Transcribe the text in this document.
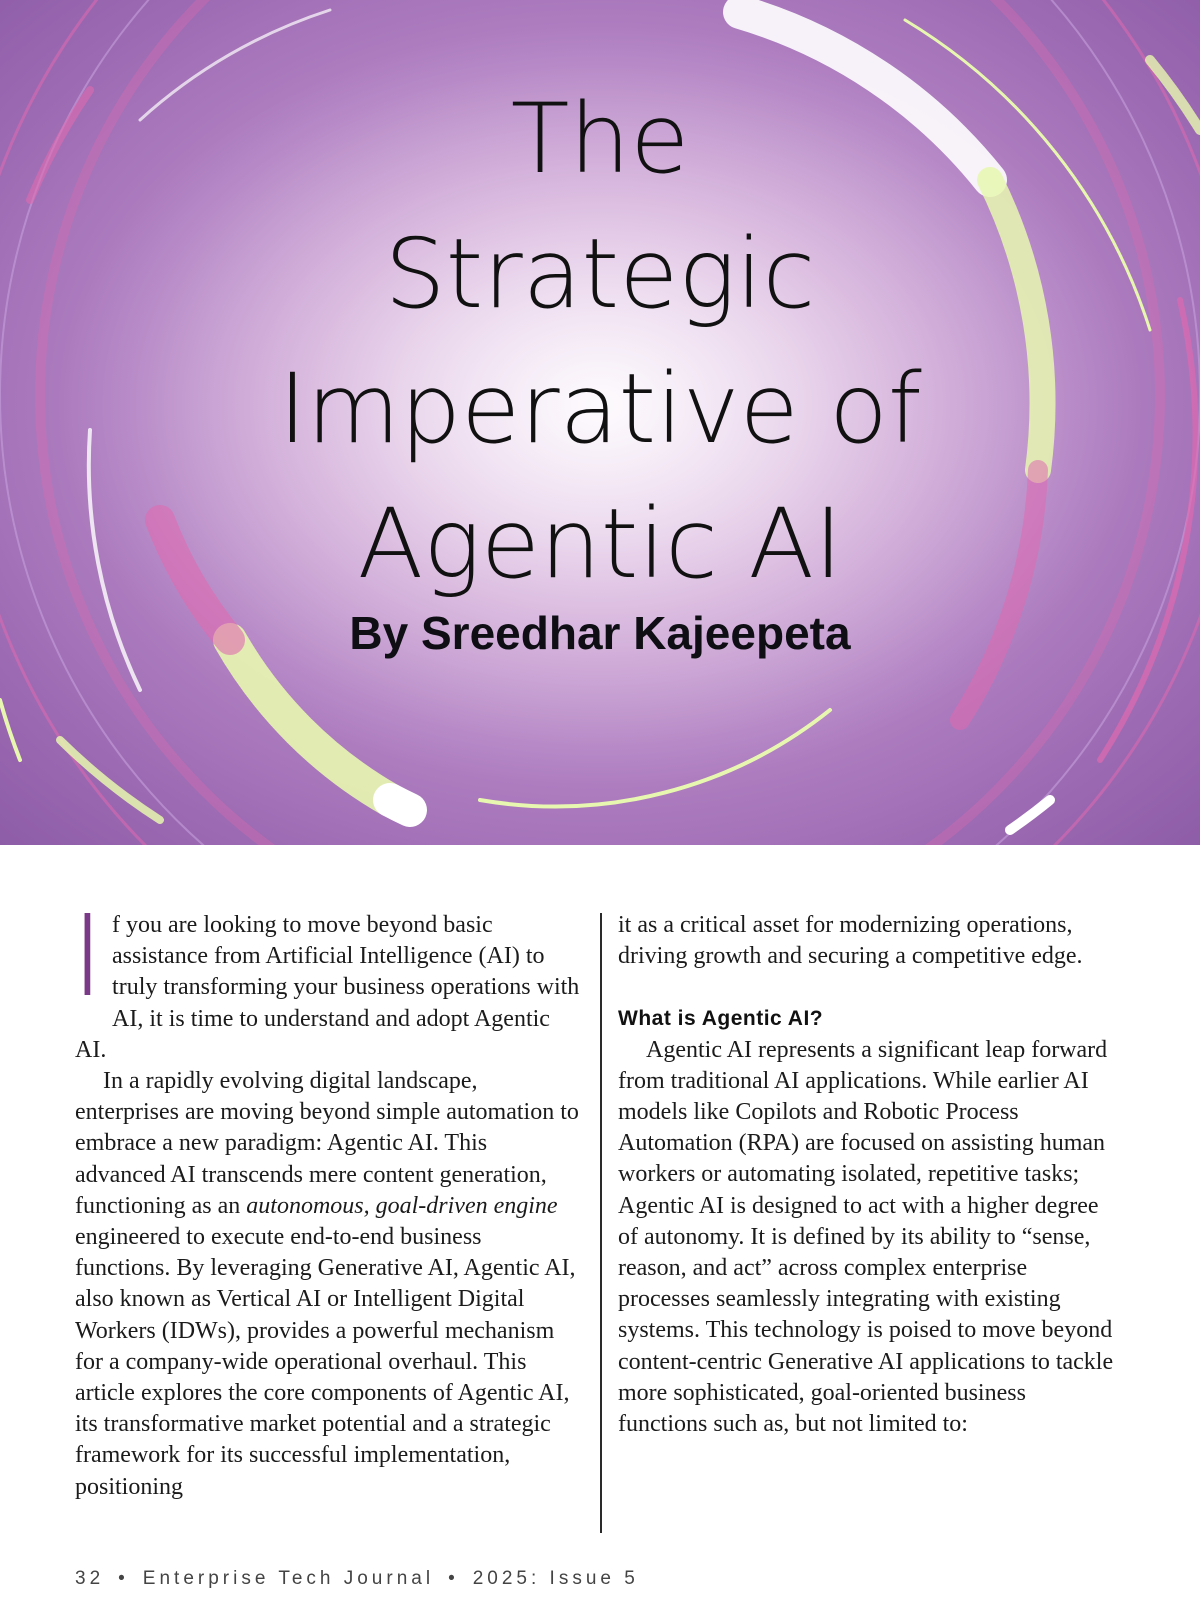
The
Strategic
Imperative of
Agentic AI
By Sreedhar Kajeepeta

If you are looking to move beyond basic assistance from Artificial Intelligence (AI) to truly transforming your business operations with AI, it is time to understand and adopt Agentic AI.

In a rapidly evolving digital landscape, enterprises are moving beyond simple automation to embrace a new paradigm: Agentic AI. This advanced AI transcends mere content generation, functioning as an autonomous, goal-driven engine engineered to execute end-to-end business functions. By leveraging Generative AI, Agentic AI, also known as Vertical AI or Intelligent Digital Workers (IDWs), provides a powerful mechanism for a company-wide operational overhaul. This article explores the core components of Agentic AI, its transformative market potential and a strategic framework for its successful implementation, positioning

it as a critical asset for modernizing operations, driving growth and securing a competitive edge.

What is Agentic AI?

Agentic AI represents a significant leap forward from traditional AI applications. While earlier AI models like Copilots and Robotic Process Automation (RPA) are focused on assisting human workers or automating isolated, repetitive tasks; Agentic AI is designed to act with a higher degree of autonomy. It is defined by its ability to “sense, reason, and act” across complex enterprise processes seamlessly integrating with existing systems. This technology is poised to move beyond content-centric Generative AI applications to tackle more sophisticated, goal-oriented business functions such as, but not limited to:

32 • Enterprise Tech Journal • 2025: Issue 5
